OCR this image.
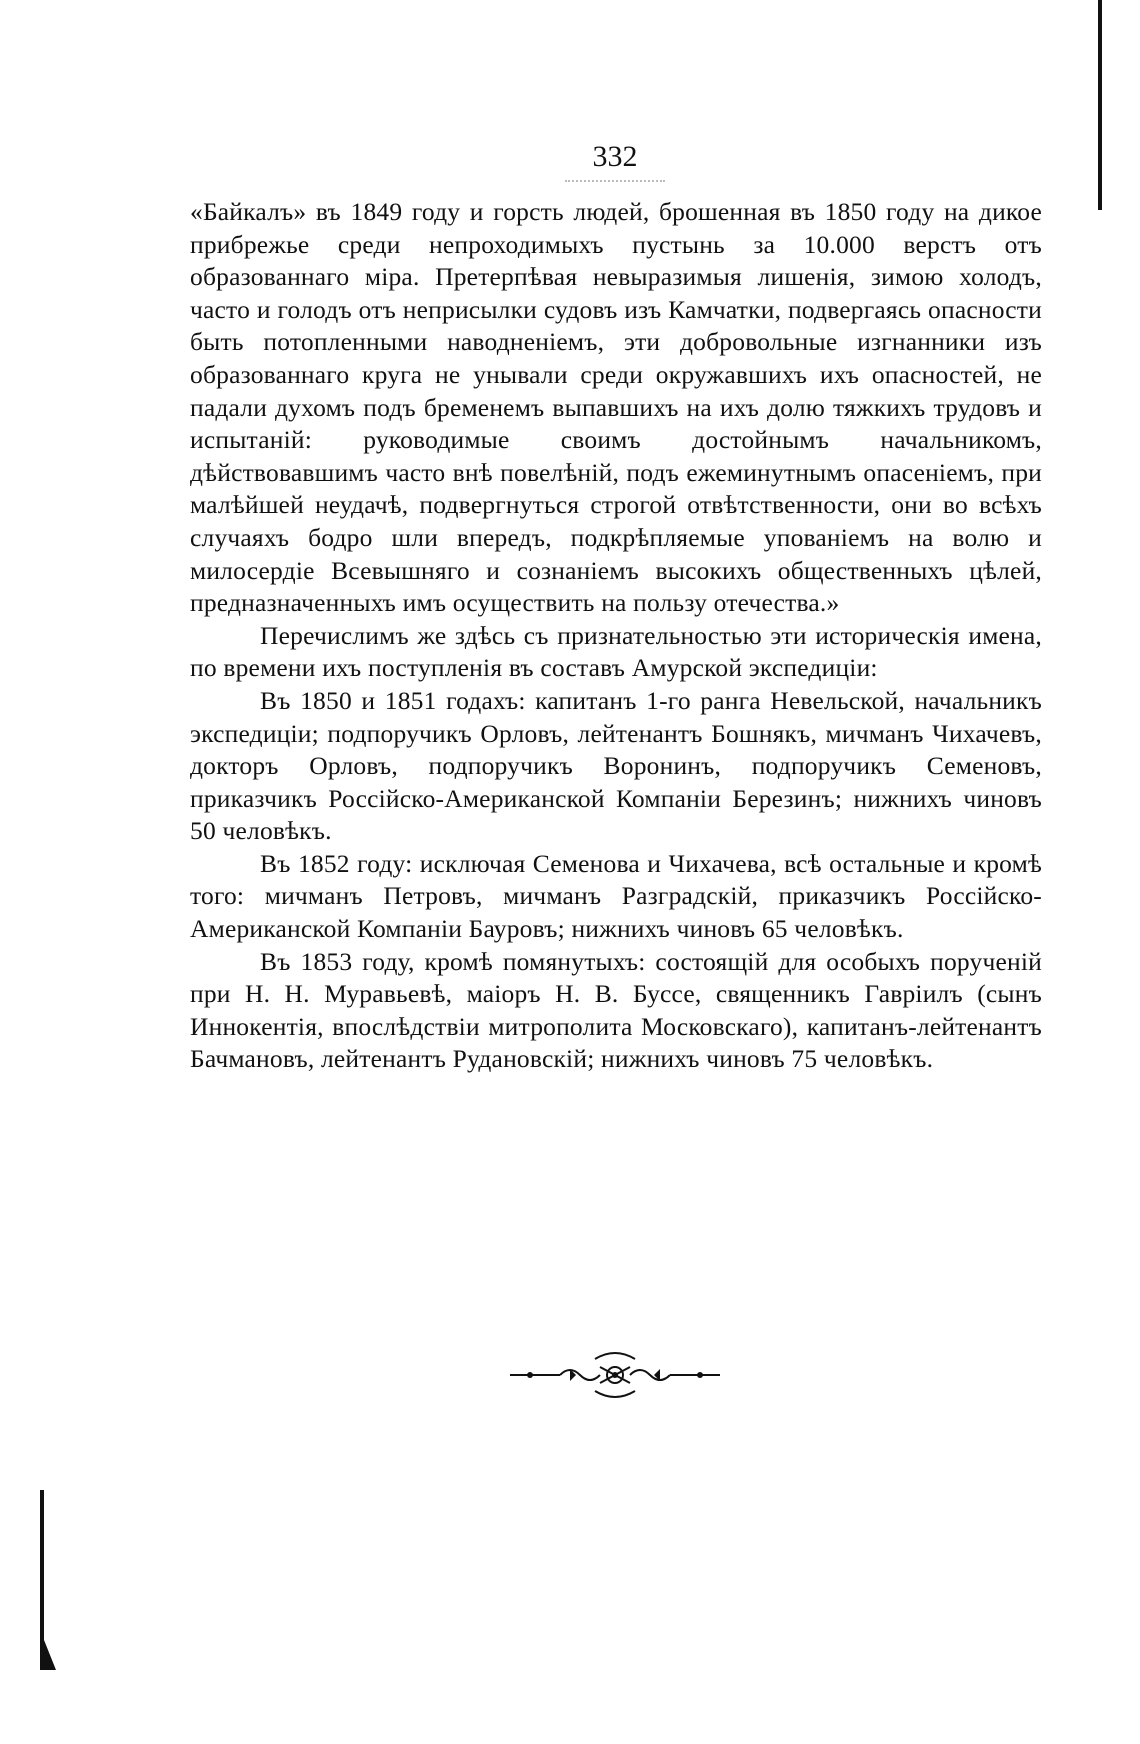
332

«Байкалъ» въ 1849 году и горсть людей, брошенная въ 1850 году на дикое прибрежье среди непроходимыхъ пустынь за 10.000 верстъ отъ образованнаго міра. Претерпѣвая невыразимыя лишенія, зимою холодъ, часто и голодъ отъ неприсылки судовъ изъ Камчатки, подвергаясь опасности быть потопленными наводненіемъ, эти добровольные изгнанники изъ образованнаго круга не унывали среди окружавшихъ ихъ опасностей, не падали духомъ подъ бременемъ выпавшихъ на ихъ долю тяжкихъ трудовъ и испытаній: руководимые своимъ достойнымъ начальникомъ, дѣйствовавшимъ часто внѣ повелѣній, подъ ежеминутнымъ опасеніемъ, при малѣйшей неудачѣ, подвергнуться строгой отвѣтственности, они во всѣхъ случаяхъ бодро шли впередъ, подкрѣпляемые упованіемъ на волю и милосердіе Всевышняго и сознаніемъ высокихъ общественныхъ цѣлей, предназначенныхъ имъ осуществить на пользу отечества.»

Перечислимъ же здѣсь съ признательностью эти историческія имена, по времени ихъ поступленія въ составъ Амурской экспедиціи:

Въ 1850 и 1851 годахъ: капитанъ 1-го ранга Невельской, начальникъ экспедиціи; подпоручикъ Орловъ, лейтенантъ Бошнякъ, мичманъ Чихачевъ, докторъ Орловъ, подпоручикъ Воронинъ, подпоручикъ Семеновъ, приказчикъ Россійско-Американской Компаніи Березинъ; нижнихъ чиновъ 50 человѣкъ.

Въ 1852 году: исключая Семенова и Чихачева, всѣ остальные и кромѣ того: мичманъ Петровъ, мичманъ Разградскій, приказчикъ Россійско-Американской Компаніи Бауровъ; нижнихъ чиновъ 65 человѣкъ.

Въ 1853 году, кромѣ помянутыхъ: состоящій для особыхъ порученій при Н. Н. Муравьевѣ, маіоръ Н. В. Буссе, священникъ Гавріилъ (сынъ Иннокентія, впослѣдствіи митрополита Московскаго), капитанъ-лейтенантъ Бачмановъ, лейтенантъ Рудановскій; нижнихъ чиновъ 75 человѣкъ.
